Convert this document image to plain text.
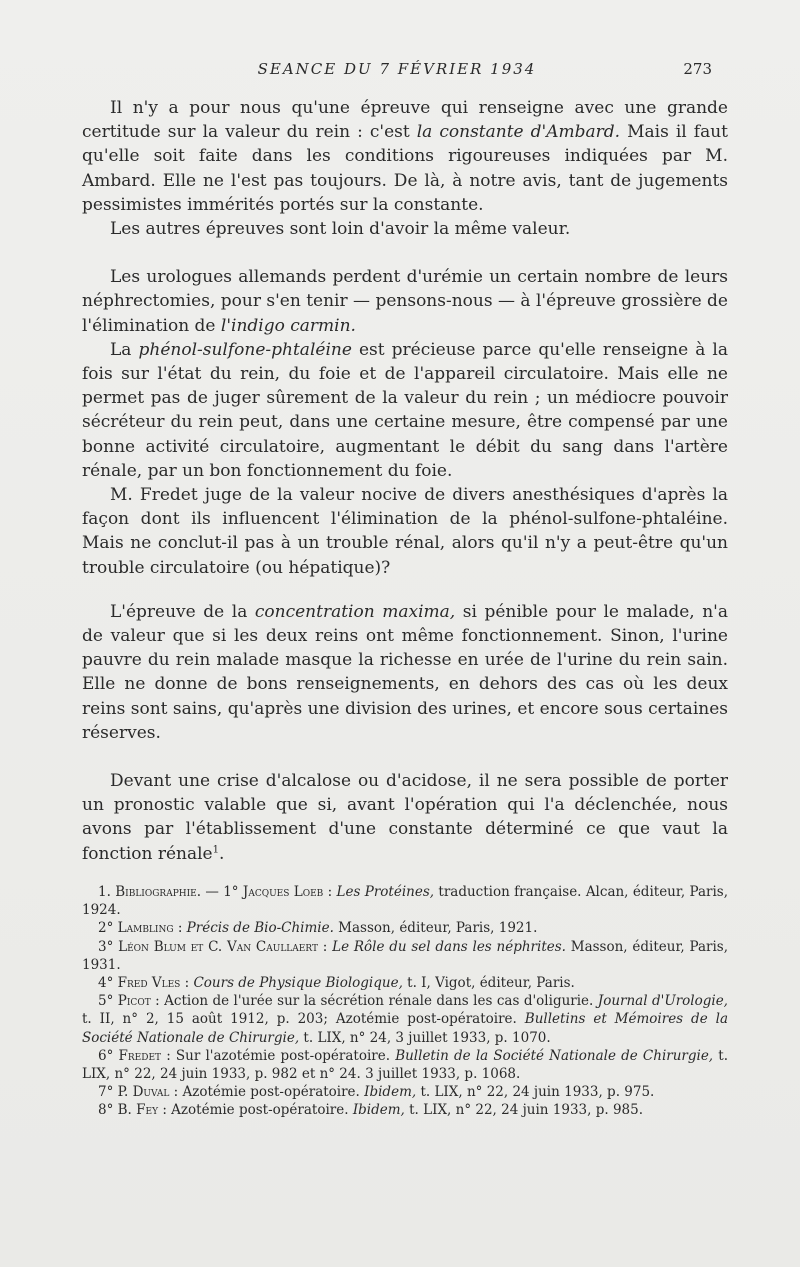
SEANCE DU 7 FÉVRIER 1934	273

Il n'y a pour nous qu'une épreuve qui renseigne avec une grande certitude sur la valeur du rein : c'est la constante d'Ambard. Mais il faut qu'elle soit faite dans les conditions rigoureuses indiquées par M. Ambard. Elle ne l'est pas toujours. De là, à notre avis, tant de jugements pessimistes immérités portés sur la constante.

Les autres épreuves sont loin d'avoir la même valeur.

Les urologues allemands perdent d'urémie un certain nombre de leurs néphrectomies, pour s'en tenir — pensons-nous — à l'épreuve grossière de l'élimination de l'indigo carmin.

La phénol-sulfone-phtaléine est précieuse parce qu'elle renseigne à la fois sur l'état du rein, du foie et de l'appareil circulatoire. Mais elle ne permet pas de juger sûrement de la valeur du rein ; un médiocre pouvoir sécréteur du rein peut, dans une certaine mesure, être compensé par une bonne activité circulatoire, augmentant le débit du sang dans l'artère rénale, par un bon fonctionnement du foie.

M. Fredet juge de la valeur nocive de divers anesthésiques d'après la façon dont ils influencent l'élimination de la phénol-sulfone-phtaléine. Mais ne conclut-il pas à un trouble rénal, alors qu'il n'y a peut-être qu'un trouble circulatoire (ou hépatique)?

L'épreuve de la concentration maxima, si pénible pour le malade, n'a de valeur que si les deux reins ont même fonctionnement. Sinon, l'urine pauvre du rein malade masque la richesse en urée de l'urine du rein sain. Elle ne donne de bons renseignements, en dehors des cas où les deux reins sont sains, qu'après une division des urines, et encore sous certaines réserves.

Devant une crise d'alcalose ou d'acidose, il ne sera possible de porter un pronostic valable que si, avant l'opération qui l'a déclenchée, nous avons par l'établissement d'une constante déterminé ce que vaut la fonction rénale$^1$.

1. Bibliographie. — 1° Jacques Loeb : Les Protéines, traduction française. Alcan, éditeur, Paris, 1924.

2° Lambling : Précis de Bio-Chimie. Masson, éditeur, Paris, 1921.

3° Léon Blum et C. Van Caullaert : Le Rôle du sel dans les néphrites. Masson, éditeur, Paris, 1931.

4° Fred Vles : Cours de Physique Biologique, t. I, Vigot, éditeur, Paris.

5° Picot : Action de l'urée sur la sécrétion rénale dans les cas d'oligurie. Journal d'Urologie, t. II, n° 2, 15 août 1912, p. 203; Azotémie post-opératoire. Bulletins et Mémoires de la Société Nationale de Chirurgie, t. LIX, n° 24, 3 juillet 1933, p. 1070.

6° Fredet : Sur l'azotémie post-opératoire. Bulletin de la Société Nationale de Chirurgie, t. LIX, n° 22, 24 juin 1933, p. 982 et n° 24. 3 juillet 1933, p. 1068.

7° P. Duval : Azotémie post-opératoire. Ibidem, t. LIX, n° 22, 24 juin 1933, p. 975.

8° B. Fey : Azotémie post-opératoire. Ibidem, t. LIX, n° 22, 24 juin 1933, p. 985.
